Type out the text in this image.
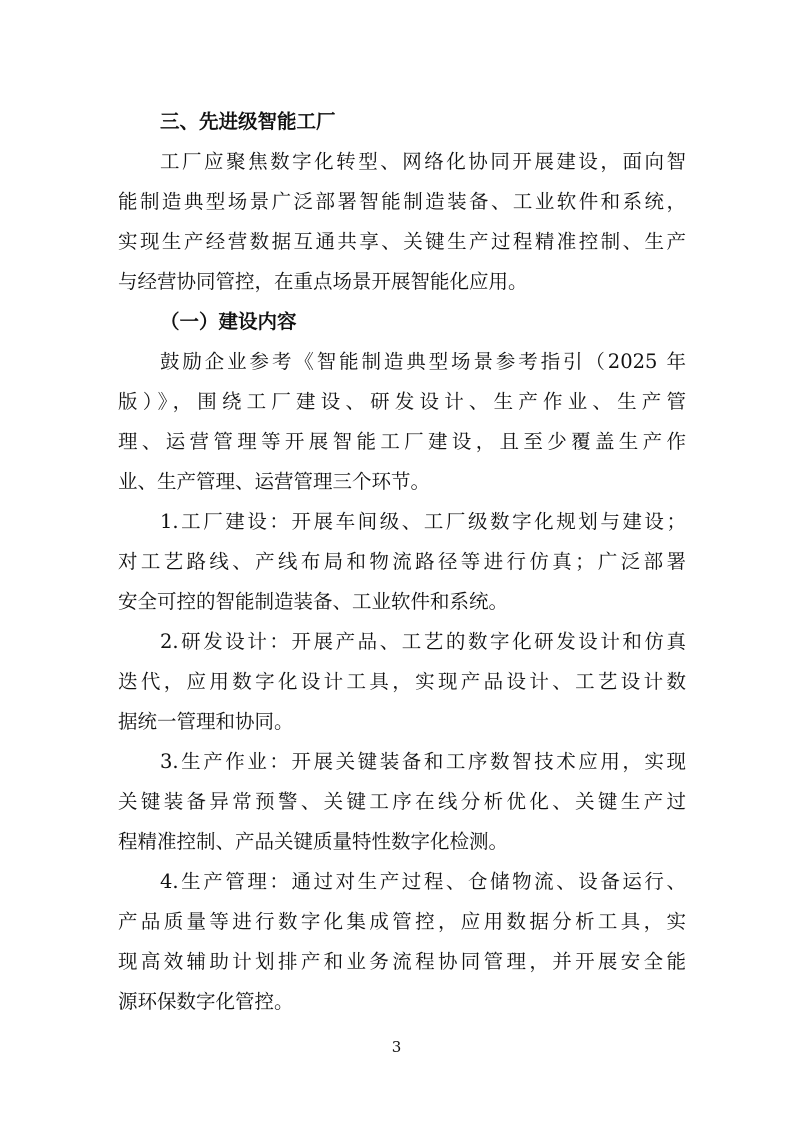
三、先进级智能工厂
工厂应聚焦数字化转型、网络化协同开展建设，面向智
能制造典型场景广泛部署智能制造装备、工业软件和系统，
实现生产经营数据互通共享、关键生产过程精准控制、生产
与经营协同管控，在重点场景开展智能化应用。
（一）建设内容
鼓励企业参考《智能制造典型场景参考指引（2025 年
版）》，围绕工厂建设、研发设计、生产作业、生产管
理、运营管理等开展智能工厂建设，且至少覆盖生产作
业、生产管理、运营管理三个环节。
1.工厂建设：开展车间级、工厂级数字化规划与建设；
对工艺路线、产线布局和物流路径等进行仿真；广泛部署
安全可控的智能制造装备、工业软件和系统。
2.研发设计：开展产品、工艺的数字化研发设计和仿真
迭代，应用数字化设计工具，实现产品设计、工艺设计数
据统一管理和协同。
3.生产作业：开展关键装备和工序数智技术应用，实现
关键装备异常预警、关键工序在线分析优化、关键生产过
程精准控制、产品关键质量特性数字化检测。
4.生产管理：通过对生产过程、仓储物流、设备运行、
产品质量等进行数字化集成管控，应用数据分析工具，实
现高效辅助计划排产和业务流程协同管理，并开展安全能
源环保数字化管控。
3
